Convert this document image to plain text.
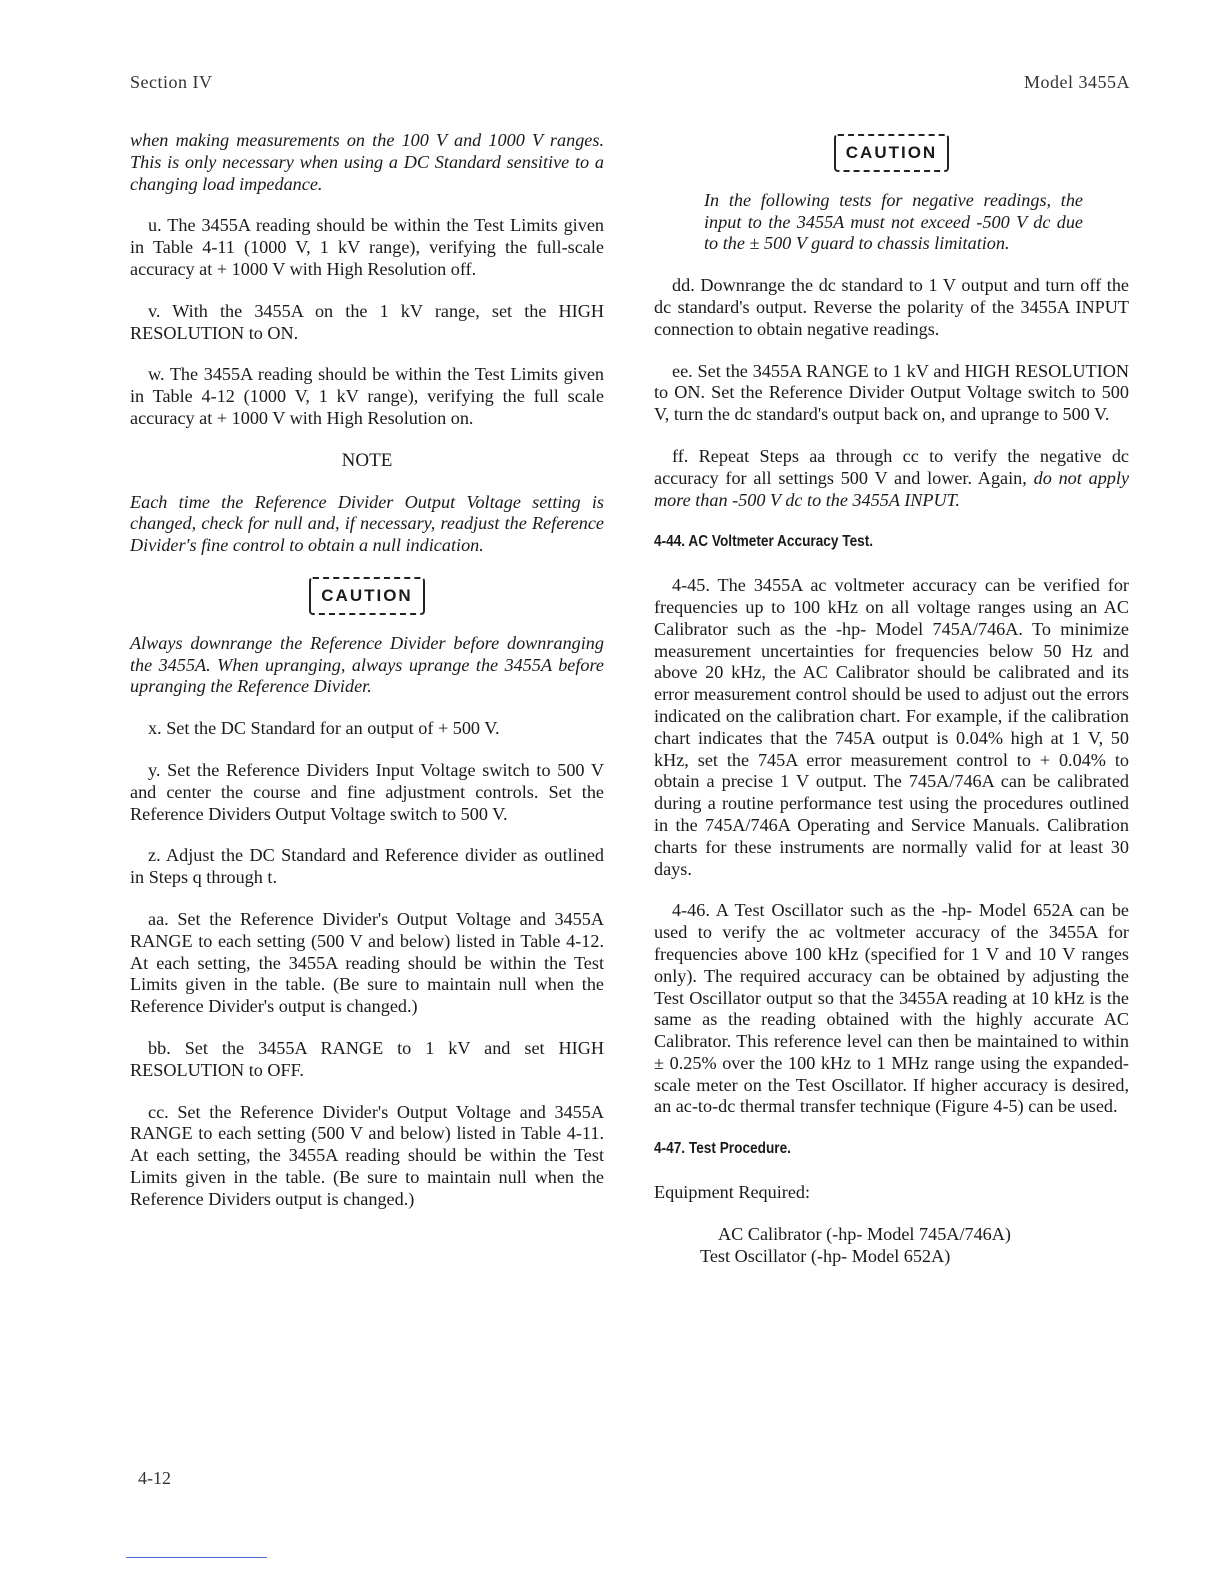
Section IV	Model 3455A

when making measurements on the 100 V and 1000 V ranges. This is only necessary when using a DC Standard sensitive to a changing load impedance.

u. The 3455A reading should be within the Test Limits given in Table 4-11 (1000 V, 1 kV range), verifying the full-scale accuracy at + 1000 V with High Resolution off.

v. With the 3455A on the 1 kV range, set the HIGH RESOLUTION to ON.

w. The 3455A reading should be within the Test Limits given in Table 4-12 (1000 V, 1 kV range), verifying the full scale accuracy at + 1000 V with High Resolution on.

NOTE

Each time the Reference Divider Output Voltage setting is changed, check for null and, if necessary, readjust the Reference Divider's fine control to obtain a null indication.

CAUTION

Always downrange the Reference Divider before downranging the 3455A. When upranging, always uprange the 3455A before upranging the Reference Divider.

x. Set the DC Standard for an output of + 500 V.

y. Set the Reference Dividers Input Voltage switch to 500 V and center the course and fine adjustment controls. Set the Reference Dividers Output Voltage switch to 500 V.

z. Adjust the DC Standard and Reference divider as outlined in Steps q through t.

aa. Set the Reference Divider's Output Voltage and 3455A RANGE to each setting (500 V and below) listed in Table 4-12. At each setting, the 3455A reading should be within the Test Limits given in the table. (Be sure to maintain null when the Reference Divider's output is changed.)

bb. Set the 3455A RANGE to 1 kV and set HIGH RESOLUTION to OFF.

cc. Set the Reference Divider's Output Voltage and 3455A RANGE to each setting (500 V and below) listed in Table 4-11. At each setting, the 3455A reading should be within the Test Limits given in the table. (Be sure to maintain null when the Reference Dividers output is changed.)

CAUTION

In the following tests for negative readings, the input to the 3455A must not exceed -500 V dc due to the ± 500 V guard to chassis limitation.

dd. Downrange the dc standard to 1 V output and turn off the dc standard's output. Reverse the polarity of the 3455A INPUT connection to obtain negative readings.

ee. Set the 3455A RANGE to 1 kV and HIGH RESOLUTION to ON. Set the Reference Divider Output Voltage switch to 500 V, turn the dc standard's output back on, and uprange to 500 V.

ff. Repeat Steps aa through cc to verify the negative dc accuracy for all settings 500 V and lower. Again, do not apply more than -500 V dc to the 3455A INPUT.

4-44. AC Voltmeter Accuracy Test.

4-45. The 3455A ac voltmeter accuracy can be verified for frequencies up to 100 kHz on all voltage ranges using an AC Calibrator such as the -hp- Model 745A/746A. To minimize measurement uncertainties for frequencies below 50 Hz and above 20 kHz, the AC Calibrator should be calibrated and its error measurement control should be used to adjust out the errors indicated on the calibration chart. For example, if the calibration chart indicates that the 745A output is 0.04% high at 1 V, 50 kHz, set the 745A error measurement control to + 0.04% to obtain a precise 1 V output. The 745A/746A can be calibrated during a routine performance test using the procedures outlined in the 745A/746A Operating and Service Manuals. Calibration charts for these instruments are normally valid for at least 30 days.

4-46. A Test Oscillator such as the -hp- Model 652A can be used to verify the ac voltmeter accuracy of the 3455A for frequencies above 100 kHz (specified for 1 V and 10 V ranges only). The required accuracy can be obtained by adjusting the Test Oscillator output so that the 3455A reading at 10 kHz is the same as the reading obtained with the highly accurate AC Calibrator. This reference level can then be maintained to within ± 0.25% over the 100 kHz to 1 MHz range using the expanded-scale meter on the Test Oscillator. If higher accuracy is desired, an ac-to-dc thermal transfer technique (Figure 4-5) can be used.

4-47. Test Procedure.

Equipment Required:

AC Calibrator (-hp- Model 745A/746A)
Test Oscillator (-hp- Model 652A)
4-12
